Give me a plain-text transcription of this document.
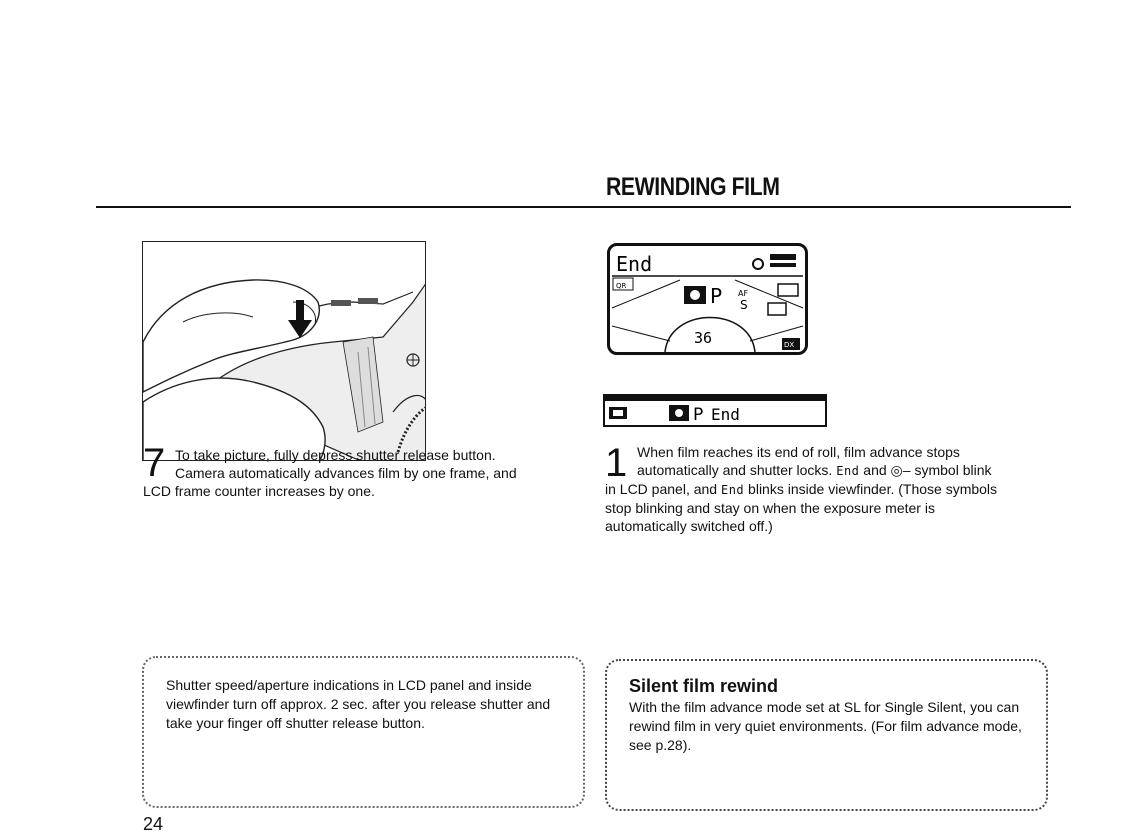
REWINDING FILM
7 To take picture, fully depress shutter release button.

Camera automatically advances film by one frame, and

LCD frame counter increases by one.

QR
End
P AF
S
36	DX
P End
1 When film reaches its end of roll, film advance stops

automatically and shutter locks. End and ◎– symbol blink

in LCD panel, and End blinks inside viewfinder. (Those symbols

stop blinking and stay on when the exposure meter is

automatically switched off.)

Shutter speed/aperture indications in LCD panel and inside viewfinder turn off approx. 2 sec. after you release shutter and take your finger off shutter release button.
Silent film rewind
With the film advance mode set at SL for Single Silent, you can rewind film in very quiet environments. (For film advance mode, see p.28).
24
